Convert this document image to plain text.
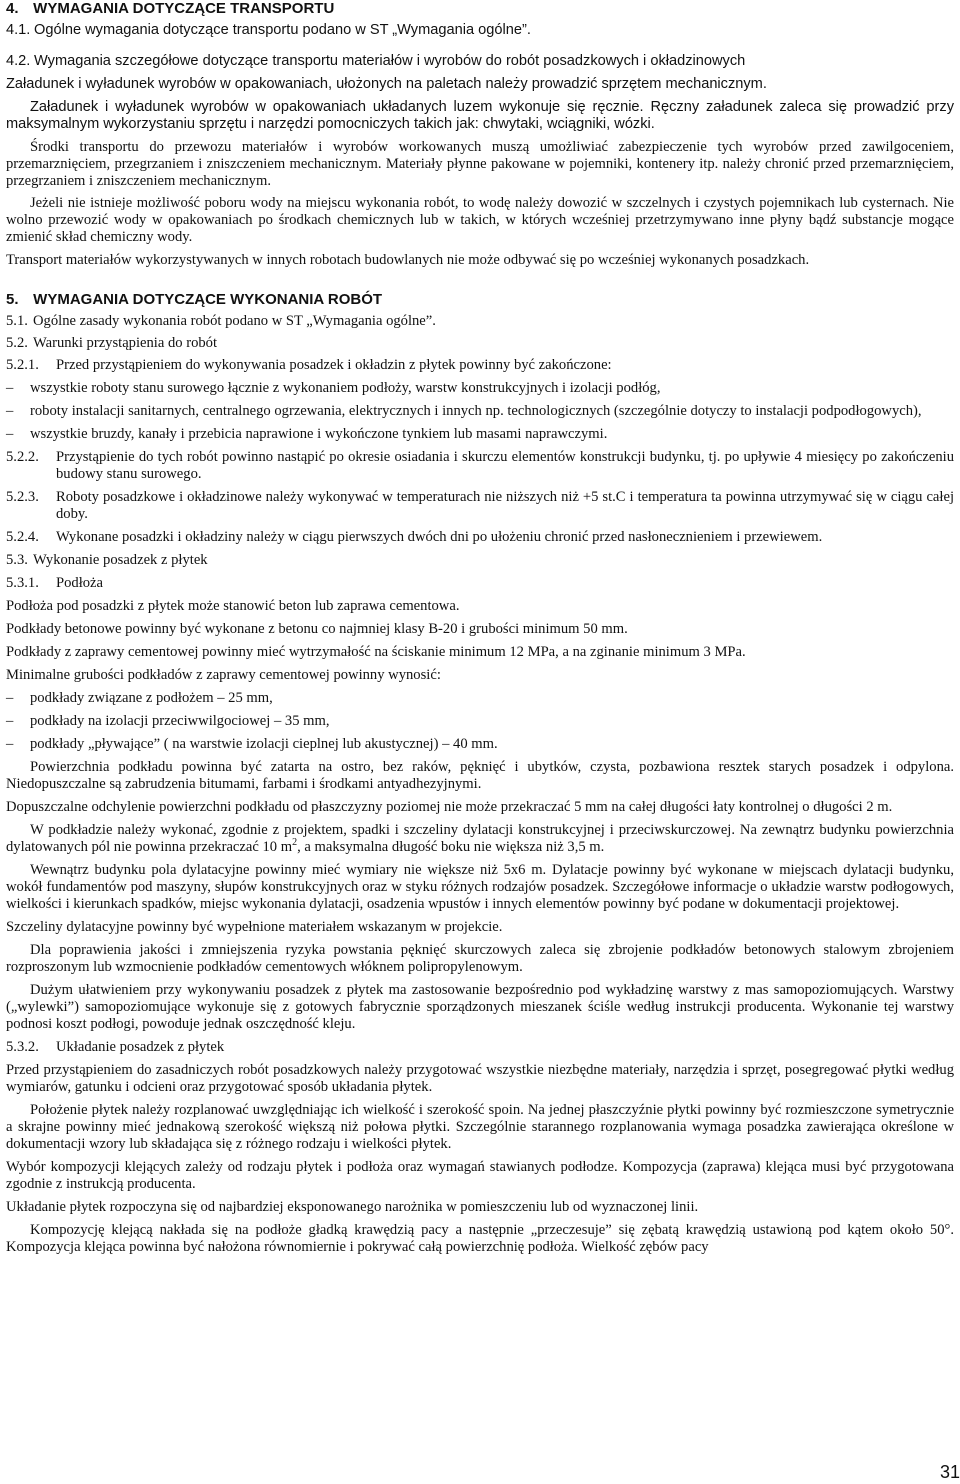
4. WYMAGANIA DOTYCZĄCE TRANSPORTU
4.1. Ogólne wymagania dotyczące transportu podano w ST „Wymagania ogólne”.
4.2. Wymagania szczegółowe dotyczące transportu materiałów i wyrobów do robót posadzkowych i okładzinowych

Załadunek i wyładunek wyrobów w opakowaniach, ułożonych na paletach należy prowadzić sprzętem mechanicznym.

Załadunek i wyładunek wyrobów w opakowaniach układanych luzem wykonuje się ręcznie. Ręczny załadunek zaleca się prowadzić przy maksymalnym wykorzystaniu sprzętu i narzędzi pomocniczych takich jak: chwytaki, wciągniki, wózki.

Środki transportu do przewozu materiałów i wyrobów workowanych muszą umożliwiać zabezpieczenie tych wyrobów przed zawilgoceniem, przemarznięciem, przegrzaniem i zniszczeniem mechanicznym. Materiały płynne pakowane w pojemniki, kontenery itp. należy chronić przed przemarznięciem, przegrzaniem i zniszczeniem mechanicznym.

Jeżeli nie istnieje możliwość poboru wody na miejscu wykonania robót, to wodę należy dowozić w szczelnych i czystych pojemnikach lub cysternach. Nie wolno przewozić wody w opakowaniach po środkach chemicznych lub w takich, w których wcześniej przetrzymywano inne płyny bądź substancje mogące zmienić skład chemiczny wody.

Transport materiałów wykorzystywanych w innych robotach budowlanych nie może odbywać się po wcześniej wykonanych posadzkach.

5. WYMAGANIA DOTYCZĄCE WYKONANIA ROBÓT
5.1. Ogólne zasady wykonania robót podano w ST „Wymagania ogólne”.
5.2. Warunki przystąpienia do robót
5.2.1.	Przed przystąpieniem do wykonywania posadzek i okładzin z płytek powinny być zakończone:
–	wszystkie roboty stanu surowego łącznie z wykonaniem podłoży, warstw konstrukcyjnych i izolacji podłóg,
–	roboty instalacji sanitarnych, centralnego ogrzewania, elektrycznych i innych np. technologicznych (szczególnie dotyczy to instalacji podpodłogowych),
–	wszystkie bruzdy, kanały i przebicia naprawione i wykończone tynkiem lub masami naprawczymi.
5.2.2.	Przystąpienie do tych robót powinno nastąpić po okresie osiadania i skurczu elementów konstrukcji budynku, tj. po upływie 4 miesięcy po zakończeniu budowy stanu surowego.
5.2.3.	Roboty posadzkowe i okładzinowe należy wykonywać w temperaturach nie niższych niż +5 st.C i temperatura ta powinna utrzymywać się w ciągu całej doby.
5.2.4.	Wykonane posadzki i okładziny należy w ciągu pierwszych dwóch dni po ułożeniu chronić przed nasłonecznieniem i przewiewem.
5.3. Wykonanie posadzek z płytek
5.3.1.	Podłoża

Podłoża pod posadzki z płytek może stanowić beton lub zaprawa cementowa.

Podkłady betonowe powinny być wykonane z betonu co najmniej klasy B-20 i grubości minimum 50 mm.

Podkłady z zaprawy cementowej powinny mieć wytrzymałość na ściskanie minimum 12 MPa, a na zginanie minimum 3 MPa.

Minimalne grubości podkładów z zaprawy cementowej powinny wynosić:

–	podkłady związane z podłożem – 25 mm,
–	podkłady na izolacji przeciwwilgociowej – 35 mm,
–	podkłady „pływające” ( na warstwie izolacji cieplnej lub akustycznej) – 40 mm.

Powierzchnia podkładu powinna być zatarta na ostro, bez raków, pęknięć i ubytków, czysta, pozbawiona resztek starych posadzek i odpylona. Niedopuszczalne są zabrudzenia bitumami, farbami i środkami antyadhezyjnymi.

Dopuszczalne odchylenie powierzchni podkładu od płaszczyzny poziomej nie może przekraczać 5 mm na całej długości łaty kontrolnej o długości 2 m.

W podkładzie należy wykonać, zgodnie z projektem, spadki i szczeliny dylatacji konstrukcyjnej i przeciwskurczowej. Na zewnątrz budynku powierzchnia dylatowanych pól nie powinna przekraczać 10 $m^2$, a maksymalna długość boku nie większa niż 3,5 m.

Wewnątrz budynku pola dylatacyjne powinny mieć wymiary nie większe niż 5x6 m. Dylatacje powinny być wykonane w miejscach dylatacji budynku, wokół fundamentów pod maszyny, słupów konstrukcyjnych oraz w styku różnych rodzajów posadzek. Szczegółowe informacje o układzie warstw podłogowych, wielkości i kierunkach spadków, miejsc wykonania dylatacji, osadzenia wpustów i innych elementów powinny być podane w dokumentacji projektowej.

Szczeliny dylatacyjne powinny być wypełnione materiałem wskazanym w projekcie.

Dla poprawienia jakości i zmniejszenia ryzyka powstania pęknięć skurczowych zaleca się zbrojenie podkładów betonowych stalowym zbrojeniem rozproszonym lub wzmocnienie podkładów cementowych włóknem polipropylenowym.

Dużym ułatwieniem przy wykonywaniu posadzek z płytek ma zastosowanie bezpośrednio pod wykładzinę warstwy z mas samopoziomujących. Warstwy („wylewki”) samopoziomujące wykonuje się z gotowych fabrycznie sporządzonych mieszanek ściśle według instrukcji producenta. Wykonanie tej warstwy podnosi koszt podłogi, powoduje jednak oszczędność kleju.

5.3.2.	Układanie posadzek z płytek

Przed przystąpieniem do zasadniczych robót posadzkowych należy przygotować wszystkie niezbędne materiały, narzędzia i sprzęt, posegregować płytki według wymiarów, gatunku i odcieni oraz przygotować sposób układania płytek.

Położenie płytek należy rozplanować uwzględniając ich wielkość i szerokość spoin. Na jednej płaszczyźnie płytki powinny być rozmieszczone symetrycznie a skrajne powinny mieć jednakową szerokość większą niż połowa płytki. Szczególnie starannego rozplanowania wymaga posadzka zawierająca określone w dokumentacji wzory lub składająca się z różnego rodzaju i wielkości płytek.

Wybór kompozycji klejących zależy od rodzaju płytek i podłoża oraz wymagań stawianych podłodze. Kompozycja (zaprawa) klejąca musi być przygotowana zgodnie z instrukcją producenta.

Układanie płytek rozpoczyna się od najbardziej eksponowanego narożnika w pomieszczeniu lub od wyznaczonej linii.

Kompozycję klejącą nakłada się na podłoże gładką krawędzią pacy a następnie „przeczesuje” się zębatą krawędzią ustawioną pod kątem około 50°. Kompozycja klejąca powinna być nałożona równomiernie i pokrywać całą powierzchnię podłoża. Wielkość zębów pacy

31
